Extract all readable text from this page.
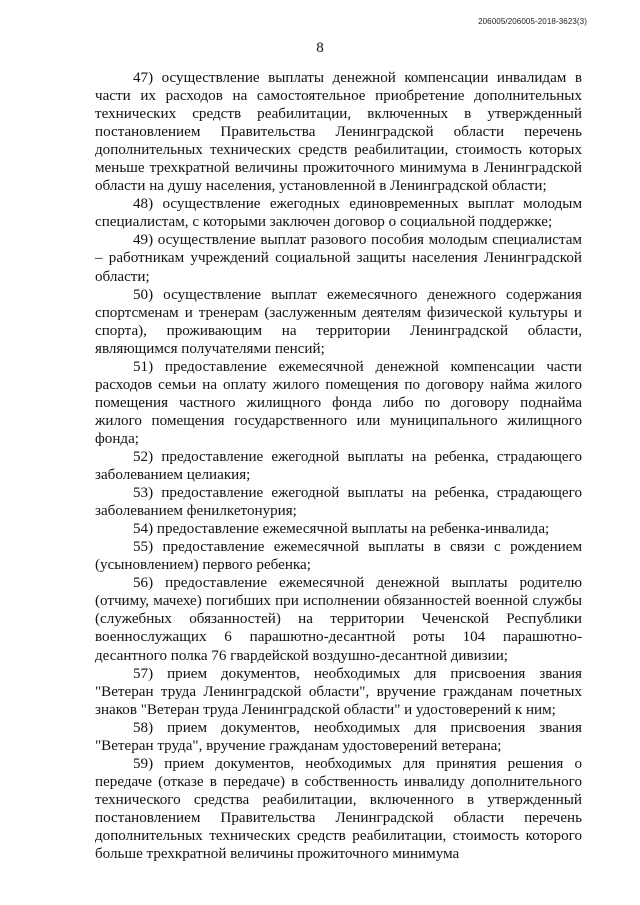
206005/206005-2018-3623(3)
8

47) осуществление выплаты денежной компенсации инвалидам в части их расходов на самостоятельное приобретение дополнительных технических средств реабилитации, включенных в утвержденный постановлением Правительства Ленинградской области перечень дополнительных технических средств реабилитации, стоимость которых меньше трехкратной величины прожиточного минимума в Ленинградской области на душу населения, установленной в Ленинградской области;

48) осуществление ежегодных единовременных выплат молодым специалистам, с которыми заключен договор о социальной поддержке;

49) осуществление выплат разового пособия молодым специалистам – работникам учреждений социальной защиты населения Ленинградской области;

50) осуществление выплат ежемесячного денежного содержания спортсменам и тренерам (заслуженным деятелям физической культуры и спорта), проживающим на территории Ленинградской области, являющимся получателями пенсий;

51) предоставление ежемесячной денежной компенсации части расходов семьи на оплату жилого помещения по договору найма жилого помещения частного жилищного фонда либо по договору поднайма жилого помещения государственного или муниципального жилищного фонда;

52) предоставление ежегодной выплаты на ребенка, страдающего заболеванием целиакия;

53) предоставление ежегодной выплаты на ребенка, страдающего заболеванием фенилкетонурия;

54) предоставление ежемесячной выплаты на ребенка-инвалида;

55) предоставление ежемесячной выплаты в связи с рождением (усыновлением) первого ребенка;

56) предоставление ежемесячной денежной выплаты родителю (отчиму, мачехе) погибших при исполнении обязанностей военной службы (служебных обязанностей) на территории Чеченской Республики военнослужащих 6 парашютно-десантной роты 104 парашютно-десантного полка 76 гвардейской воздушно-десантной дивизии;

57) прием документов, необходимых для присвоения звания "Ветеран труда Ленинградской области", вручение гражданам почетных знаков "Ветеран труда Ленинградской области" и удостоверений к ним;

58) прием документов, необходимых для присвоения звания "Ветеран труда", вручение гражданам удостоверений ветерана;

59) прием документов, необходимых для принятия решения о передаче (отказе в передаче) в собственность инвалиду дополнительного технического средства реабилитации, включенного в утвержденный постановлением Правительства Ленинградской области перечень дополнительных технических средств реабилитации, стоимость которого больше трехкратной величины прожиточного минимума
